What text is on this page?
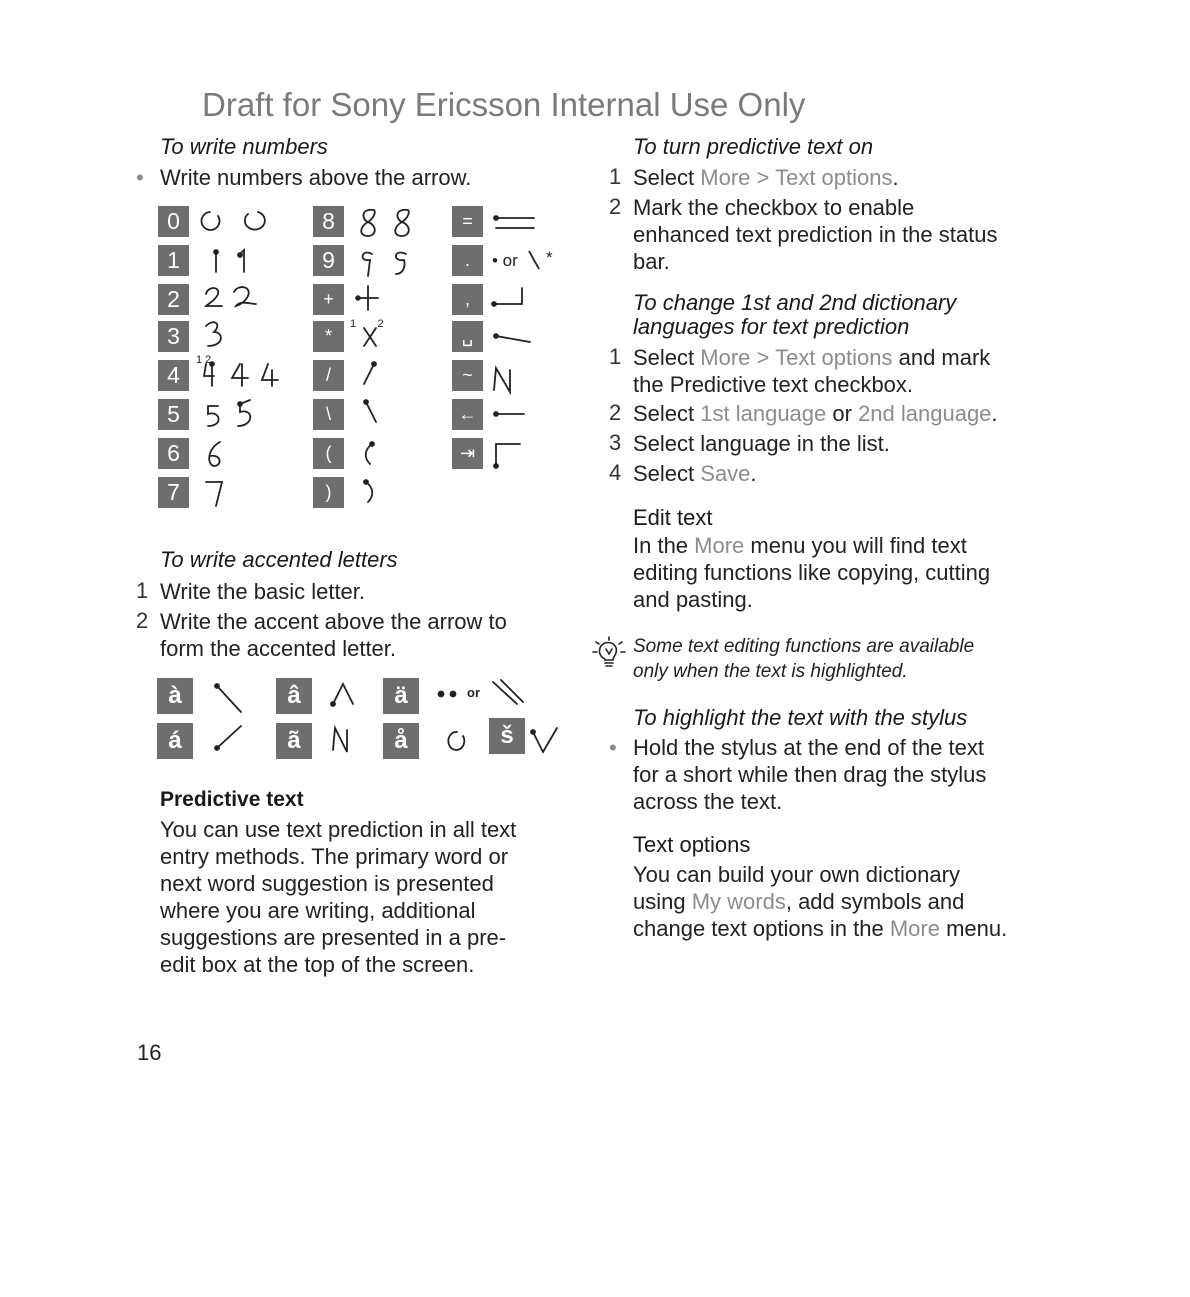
Draft for Sony Ericsson Internal Use Only
To write numbers
• Write numbers above the arrow.
0
1
2
3
4
5
6
7
1 2
8
9
+
*
/
\
(
)
1       2
=
.
,
␣
~
←
⇥
• or *
To write accented letters
1 Write the basic letter.
2 Write the accent above the arrow to
form the accented letter.
à	â	ä
á	ã	å	š
or
Predictive text
You can use text prediction in all text
entry methods. The primary word or
next word suggestion is presented
where you are writing, additional
suggestions are presented in a pre-
edit box at the top of the screen.
16
To turn predictive text on
1 Select More > Text options.
2 Mark the checkbox to enable
enhanced text prediction in the status
bar.
To change 1st and 2nd dictionary
languages for text prediction
1 Select More > Text options and mark
the Predictive text checkbox.
2 Select 1st language or 2nd language.
3 Select language in the list.
4 Select Save.
Edit text
In the More menu you will find text
editing functions like copying, cutting
and pasting.
Some text editing functions are available
only when the text is highlighted.
To highlight the text with the stylus
• Hold the stylus at the end of the text
for a short while then drag the stylus
across the text.
Text options
You can build your own dictionary
using My words, add symbols and
change text options in the More menu.
